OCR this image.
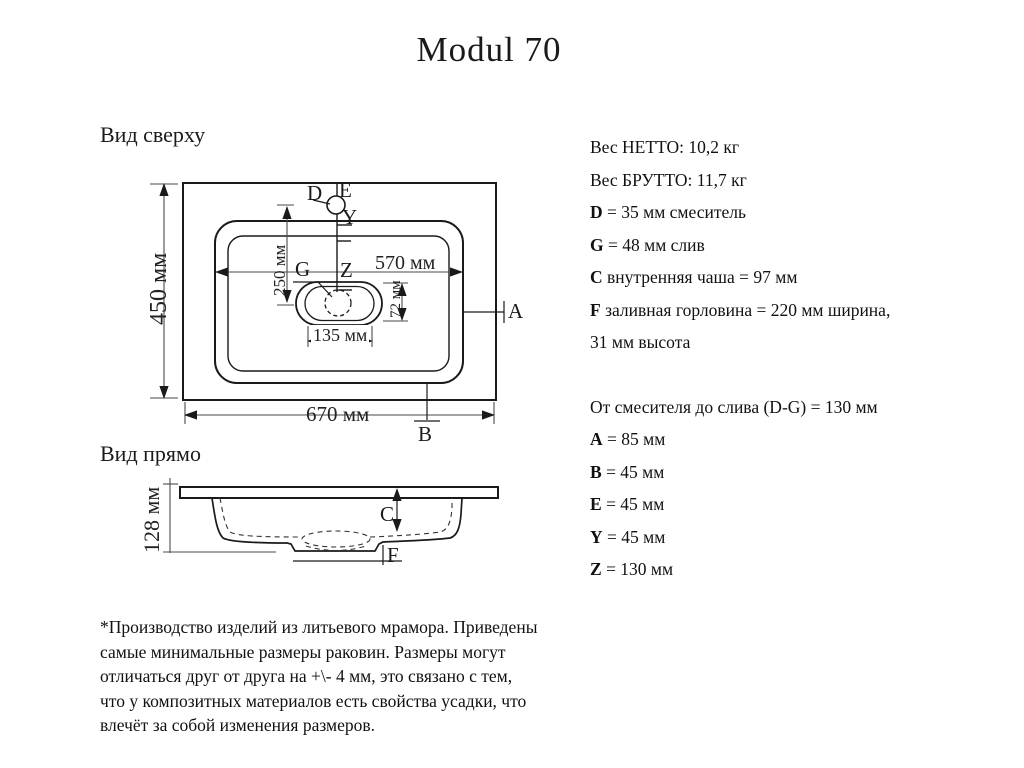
Modul 70
Вид сверху
Вид прямо
450 мм
670 мм
570 мм
250 мм
135 мм
72 мм
D E
Y
Z
G
A
B
128 мм	C
F
Вес НЕТТО: 10,2 кг
Вес БРУТТО: 11,7 кг
D = 35 мм смеситель
G = 48 мм слив
C внутренняя чаша = 97 мм
F заливная горловина = 220 мм ширина,
31 мм высота
От смесителя до слива (D-G) = 130 мм
A = 85 мм
B = 45 мм
E = 45 мм
Y = 45 мм
Z = 130 мм
*Производство изделий из литьевого мрамора. Приведены
самые минимальные размеры раковин. Размеры могут
отличаться друг от друга на +\- 4 мм, это связано с тем,
что у композитных материалов есть свойства усадки, что
влечёт за собой изменения размеров.
